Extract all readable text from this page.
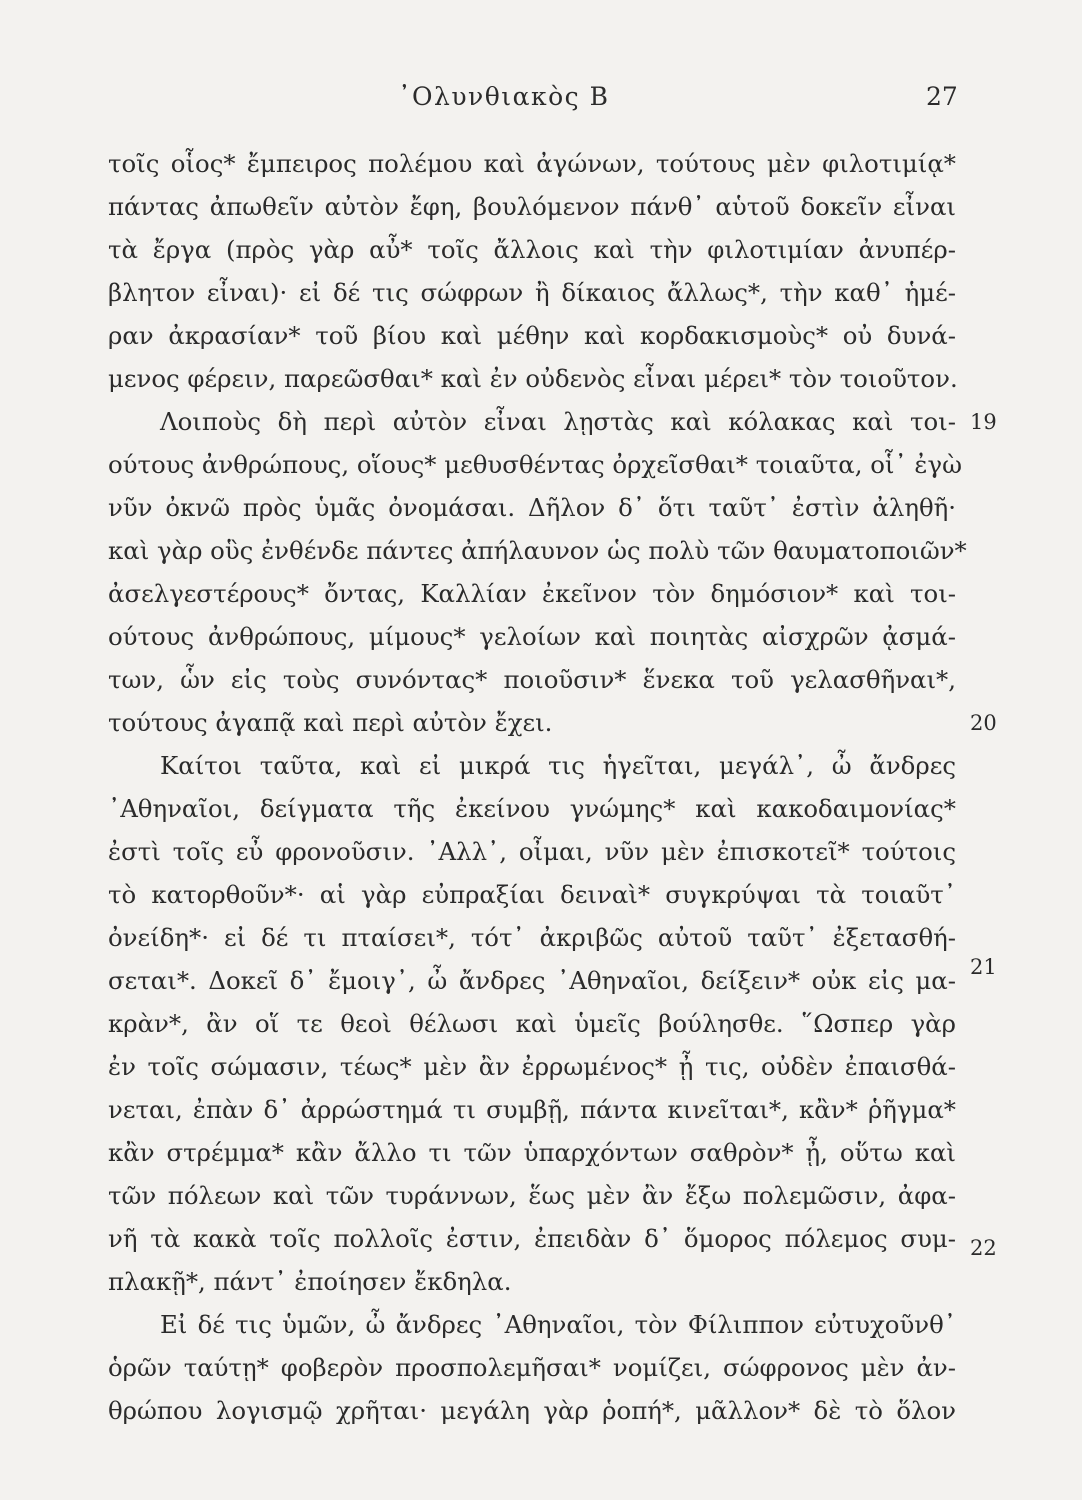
᾿Ολυνθιακὸς Β	27
τοῖς οἷος* ἔμπειρος πολέμου καὶ ἀγώνων, τούτους μὲν φιλοτιμίᾳ*
πάντας ἀπωθεῖν αὐτὸν ἔφη, βουλόμενον πάνθ᾿ αὑτοῦ δοκεῖν εἶναι
τὰ ἔργα (πρὸς γὰρ αὖ* τοῖς ἄλλοις καὶ τὴν φιλοτιμίαν ἀνυπέρ-
βλητον εἶναι)· εἰ δέ τις σώφρων ἢ δίκαιος ἄλλως*, τὴν καθ᾿ ἡμέ-
ραν ἀκρασίαν* τοῦ βίου καὶ μέθην καὶ κορδακισμοὺς* οὐ δυνά-
μενος φέρειν, παρεῶσθαι* καὶ ἐν οὐδενὸς εἶναι μέρει* τὸν τοιοῦτον.
Λοιποὺς δὴ περὶ αὐτὸν εἶναι λῃστὰς καὶ κόλακας καὶ τοι-
ούτους ἀνθρώπους, οἵους* μεθυσθέντας ὀρχεῖσθαι* τοιαῦτα, οἷ᾿ ἐγὼ
νῦν ὀκνῶ πρὸς ὑμᾶς ὀνομάσαι. Δῆλον δ᾿ ὅτι ταῦτ᾿ ἐστὶν ἀληθῆ·
καὶ γὰρ οὓς ἐνθένδε πάντες ἀπήλαυνον ὡς πολὺ τῶν θαυματοποιῶν*
ἀσελγεστέρους* ὄντας, Καλλίαν ἐκεῖνον τὸν δημόσιον* καὶ τοι-
ούτους ἀνθρώπους, μίμους* γελοίων καὶ ποιητὰς αἰσχρῶν ᾀσμά-
των, ὧν εἰς τοὺς συνόντας* ποιοῦσιν* ἕνεκα τοῦ γελασθῆναι*,
τούτους ἀγαπᾷ καὶ περὶ αὐτὸν ἔχει.
Καίτοι ταῦτα, καὶ εἰ μικρά τις ἡγεῖται, μεγάλ᾿, ὦ ἄνδρες
᾿Αθηναῖοι, δείγματα τῆς ἐκείνου γνώμης* καὶ κακοδαιμονίας*
ἐστὶ τοῖς εὖ φρονοῦσιν. ᾿Αλλ᾿, οἶμαι, νῦν μὲν ἐπισκοτεῖ* τούτοις
τὸ κατορθοῦν*· αἱ γὰρ εὐπραξίαι δειναὶ* συγκρύψαι τὰ τοιαῦτ᾿
ὀνείδη*· εἰ δέ τι πταίσει*, τότ᾿ ἀκριβῶς αὐτοῦ ταῦτ᾿ ἐξετασθή-
σεται*. Δοκεῖ δ᾿ ἔμοιγ᾿, ὦ ἄνδρες ᾿Αθηναῖοι, δείξειν* οὐκ εἰς μα-
κρὰν*, ἂν οἵ τε θεοὶ θέλωσι καὶ ὑμεῖς βούλησθε. ῞Ωσπερ γὰρ
ἐν τοῖς σώμασιν, τέως* μὲν ἂν ἐρρωμένος* ᾖ τις, οὐδὲν ἐπαισθά-
νεται, ἐπὰν δ᾿ ἀρρώστημά τι συμβῇ, πάντα κινεῖται*, κἂν* ῥῆγμα*
κἂν στρέμμα* κἂν ἄλλο τι τῶν ὑπαρχόντων σαθρὸν* ᾖ, οὕτω καὶ
τῶν πόλεων καὶ τῶν τυράννων, ἕως μὲν ἂν ἔξω πολεμῶσιν, ἀφα-
νῆ τὰ κακὰ τοῖς πολλοῖς ἐστιν, ἐπειδὰν δ᾿ ὅμορος πόλεμος συμ-
πλακῇ*, πάντ᾿ ἐποίησεν ἔκδηλα.
Εἰ δέ τις ὑμῶν, ὦ ἄνδρες ᾿Αθηναῖοι, τὸν Φίλιππον εὐτυχοῦνθ᾿
ὁρῶν ταύτῃ* φοβερὸν προσπολεμῆσαι* νομίζει, σώφρονος μὲν ἀν-
θρώπου λογισμῷ χρῆται· μεγάλη γὰρ ῥοπή*, μᾶλλον* δὲ τὸ ὅλον
19
20
21
22
